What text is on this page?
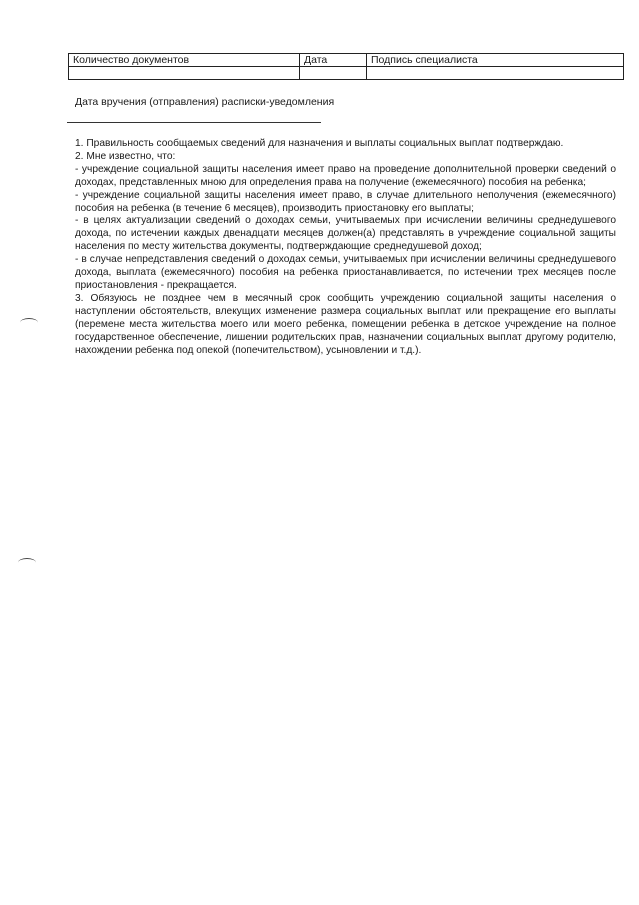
Количество документов	Дата	Подпись специалиста

Дата вручения (отправления) расписки-уведомления

1. Правильность сообщаемых сведений для назначения и выплаты социальных выплат подтверждаю.

2. Мне известно, что:

- учреждение социальной защиты населения имеет право на проведение дополнительной проверки сведений о доходах, представленных мною для определения права на получение (ежемесячного) пособия на ребенка;

- учреждение социальной защиты населения имеет право, в случае длительного неполучения (ежемесячного) пособия на ребенка (в течение 6 месяцев), производить приостановку его выплаты;

- в целях актуализации сведений о доходах семьи, учитываемых при исчислении величины среднедушевого дохода, по истечении каждых двенадцати месяцев должен(а) представлять в учреждение социальной защиты населения по месту жительства документы, подтверждающие среднедушевой доход;

- в случае непредставления сведений о доходах семьи, учитываемых при исчислении величины среднедушевого дохода, выплата (ежемесячного) пособия на ребенка приостанавливается, по истечении трех месяцев после приостановления - прекращается.

3. Обязуюсь не позднее чем в месячный срок сообщить учреждению социальной защиты населения о наступлении обстоятельств, влекущих изменение размера социальных выплат или прекращение его выплаты (перемене места жительства моего или моего ребенка, помещении ребенка в детское учреждение на полное государственное обеспечение, лишении родительских прав, назначении социальных выплат другому родителю, нахождении ребенка под опекой (попечительством), усыновлении и т.д.).
